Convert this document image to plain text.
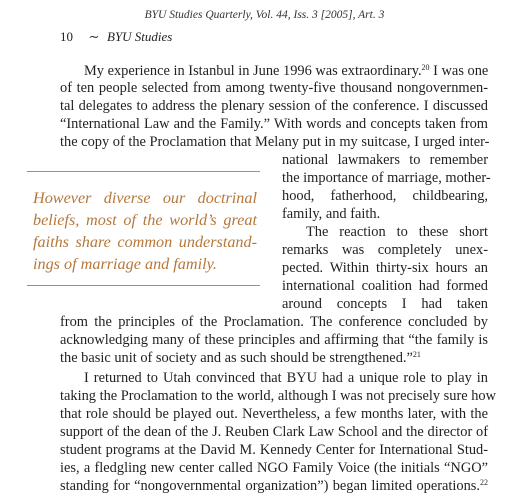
BYU Studies Quarterly, Vol. 44, Iss. 3 [2005], Art. 3
10 ∼ BYU Studies
My experience in Istanbul in June 1996 was extraordinary.$^{20}$ I was one
of ten people selected from among twenty-five thousand nongovernmen-
tal delegates to address the plenary session of the conference. I discussed
“International Law and the Family.” With words and concepts taken from
the copy of the Proclamation that Melany put in my suitcase, I urged inter-
national lawmakers to remember
the importance of marriage, mother-
hood, fatherhood, childbearing,
family, and faith.
The reaction to these short
remarks was completely unex-
pected. Within thirty-six hours an
international coalition had formed
around concepts I had taken
from the principles of the Proclamation. The conference concluded by
acknowledging many of these principles and affirming that “the family is
the basic unit of society and as such should be strengthened.”$^{21}$
I returned to Utah convinced that BYU had a unique role to play in
taking the Proclamation to the world, although I was not precisely sure how
that role should be played out. Nevertheless, a few months later, with the
support of the dean of the J. Reuben Clark Law School and the director of
student programs at the David M. Kennedy Center for International Stud-
ies, a fledgling new center called NGO Family Voice (the initials “NGO”
standing for “nongovernmental organization”) began limited operations.$^{22}$
However diverse our doctrinal
beliefs, most of the world’s great
faiths share common understand-
ings of marriage and family.
